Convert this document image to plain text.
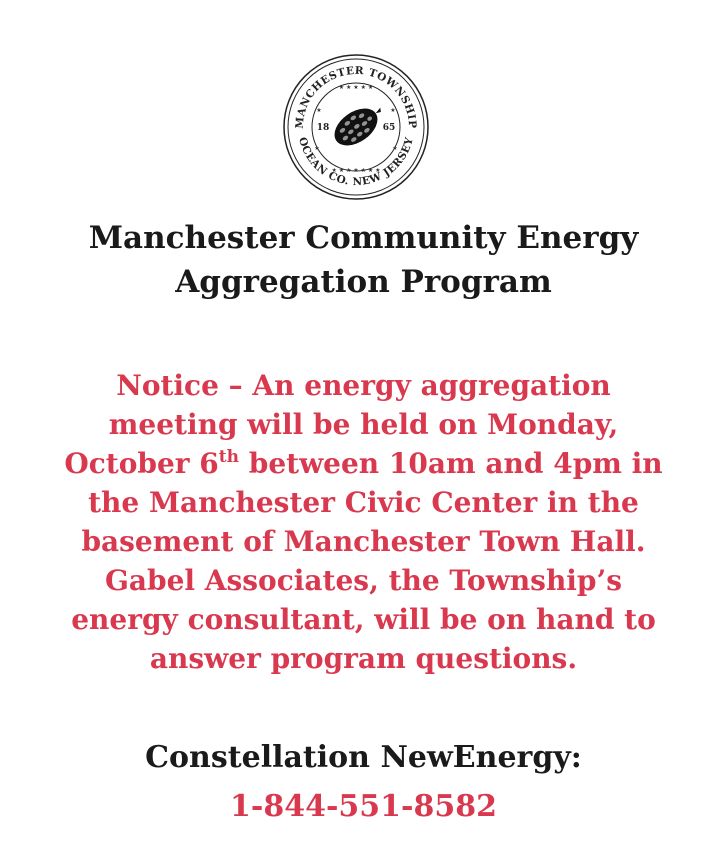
MANCHESTER TOWNSHIP
OCEAN CO. NEW JERSEY
★ ★ ★ ★ ★
★ ★ ★ ★ ★ ★ ★
★	★
★	★
18	65
Manchester Community Energy
Aggregation Program

Notice – An energy aggregation
meeting will be held on Monday,
October 6th between 10am and 4pm in
the Manchester Civic Center in the
basement of Manchester Town Hall.
Gabel Associates, the Township’s
energy consultant, will be on hand to
answer program questions.

Constellation NewEnergy:

1-844-551-8582
